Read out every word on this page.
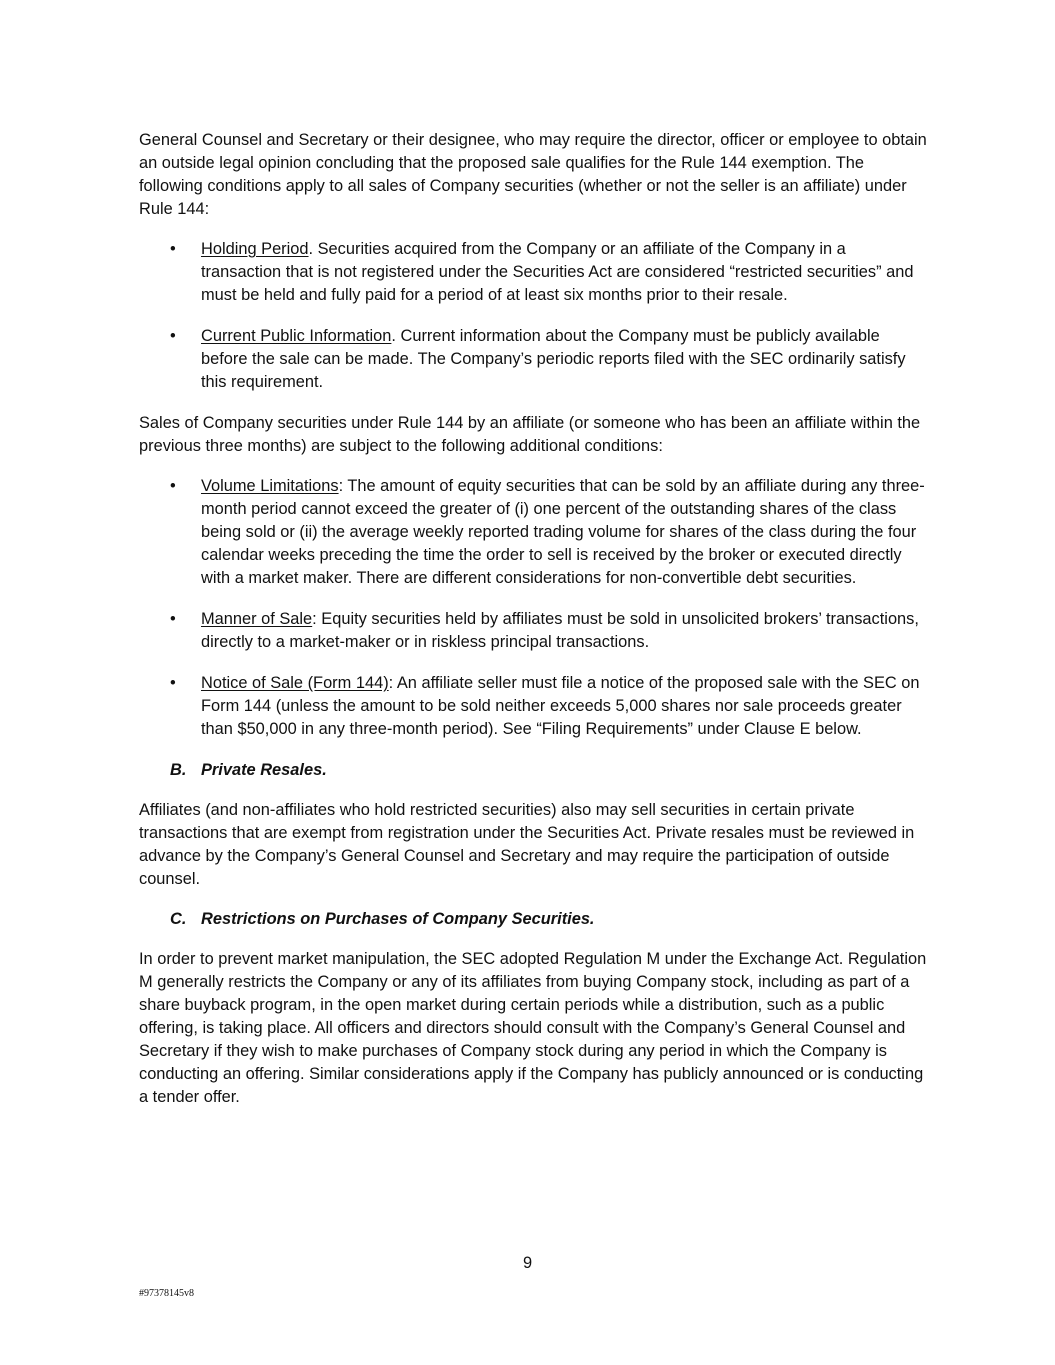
General Counsel and Secretary or their designee, who may require the director, officer or employee to obtain an outside legal opinion concluding that the proposed sale qualifies for the Rule 144 exemption. The following conditions apply to all sales of Company securities (whether or not the seller is an affiliate) under Rule 144:

• Holding Period. Securities acquired from the Company or an affiliate of the Company in a transaction that is not registered under the Securities Act are considered “restricted securities” and must be held and fully paid for a period of at least six months prior to their resale.
• Current Public Information. Current information about the Company must be publicly available before the sale can be made. The Company’s periodic reports filed with the SEC ordinarily satisfy this requirement.

Sales of Company securities under Rule 144 by an affiliate (or someone who has been an affiliate within the previous three months) are subject to the following additional conditions:

• Volume Limitations: The amount of equity securities that can be sold by an affiliate during any three-month period cannot exceed the greater of (i) one percent of the outstanding shares of the class being sold or (ii) the average weekly reported trading volume for shares of the class during the four calendar weeks preceding the time the order to sell is received by the broker or executed directly with a market maker. There are different considerations for non-convertible debt securities.
• Manner of Sale: Equity securities held by affiliates must be sold in unsolicited brokers’ transactions, directly to a market-maker or in riskless principal transactions.
• Notice of Sale (Form 144): An affiliate seller must file a notice of the proposed sale with the SEC on Form 144 (unless the amount to be sold neither exceeds 5,000 shares nor sale proceeds greater than $50,000 in any three-month period). See “Filing Requirements” under Clause E below.
B. Private Resales.

Affiliates (and non-affiliates who hold restricted securities) also may sell securities in certain private transactions that are exempt from registration under the Securities Act. Private resales must be reviewed in advance by the Company’s General Counsel and Secretary and may require the participation of outside counsel.

C. Restrictions on Purchases of Company Securities.

In order to prevent market manipulation, the SEC adopted Regulation M under the Exchange Act. Regulation M generally restricts the Company or any of its affiliates from buying Company stock, including as part of a share buyback program, in the open market during certain periods while a distribution, such as a public offering, is taking place. All officers and directors should consult with the Company’s General Counsel and Secretary if they wish to make purchases of Company stock during any period in which the Company is conducting an offering. Similar considerations apply if the Company has publicly announced or is conducting a tender offer.

9
#97378145v8
